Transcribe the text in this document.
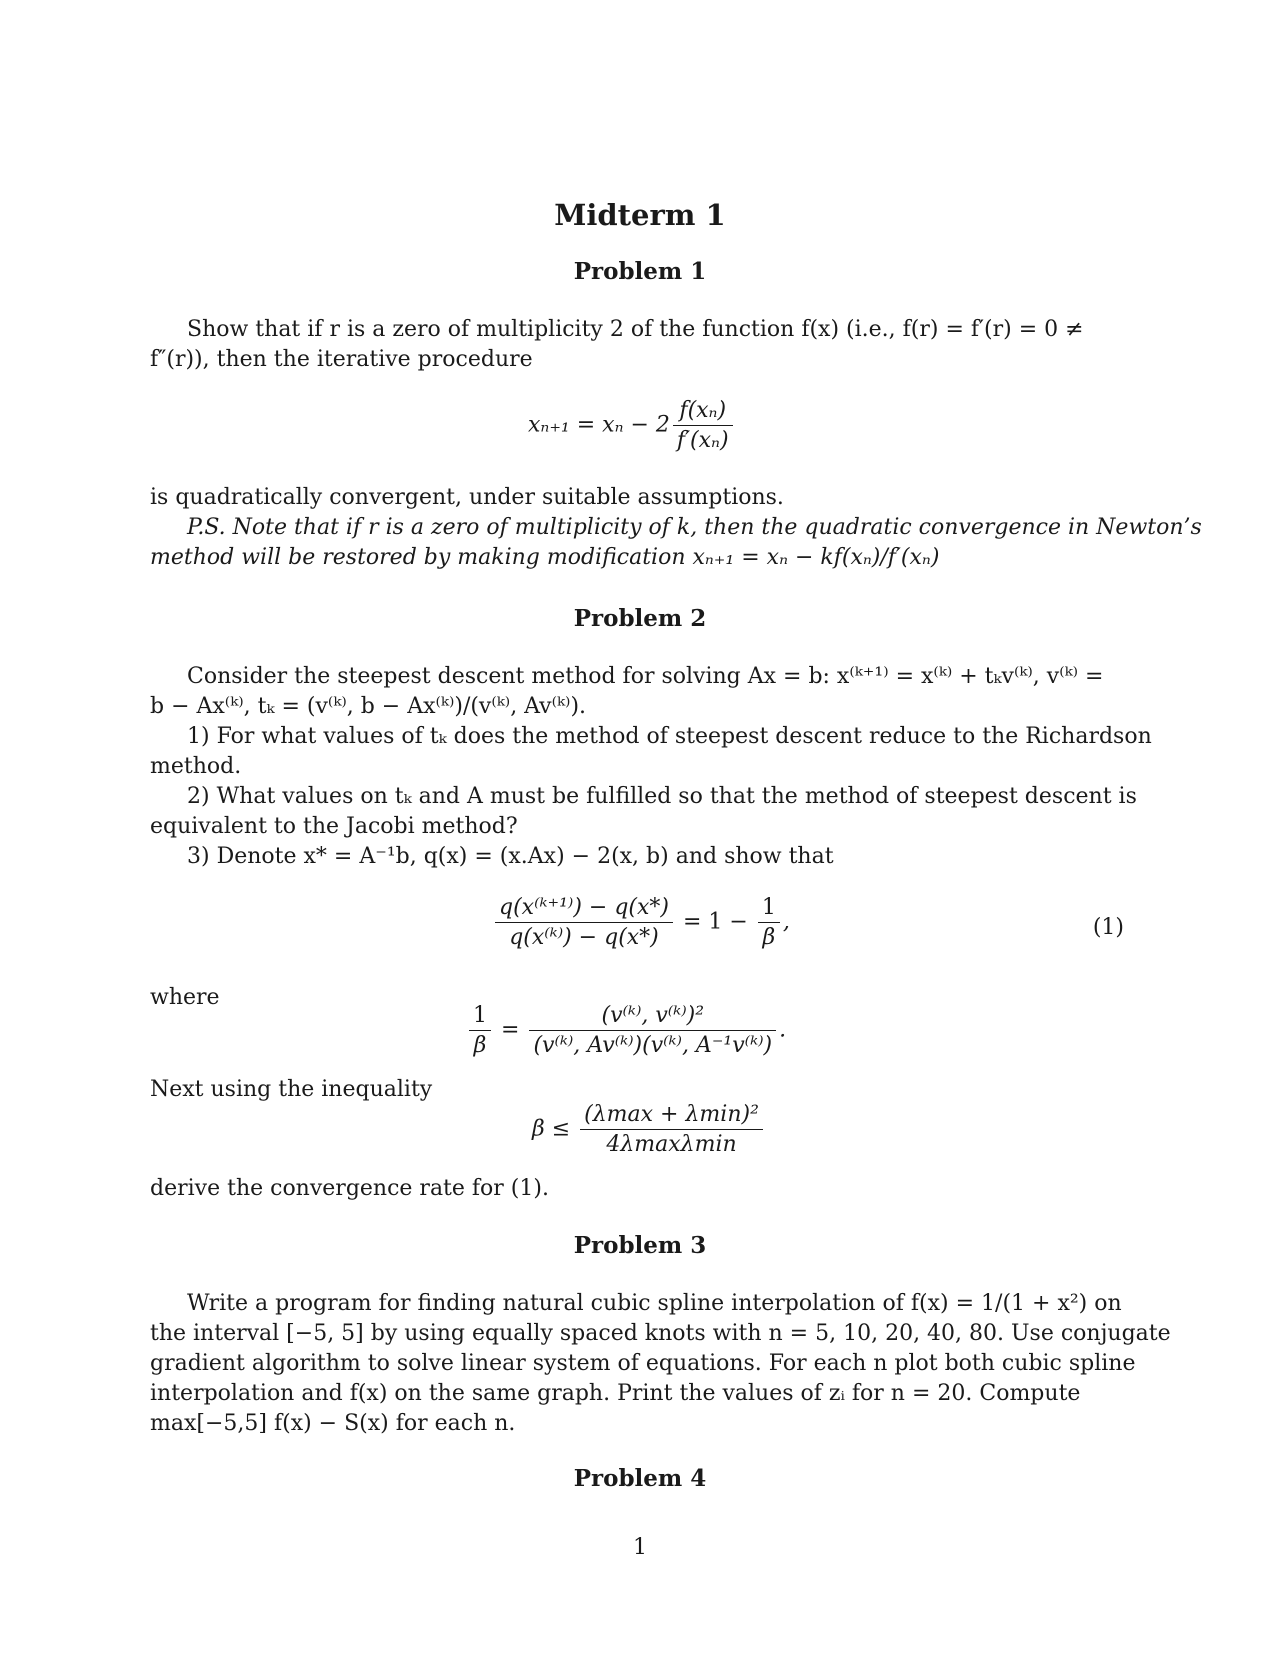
Midterm 1
Problem 1
Show that if r is a zero of multiplicity 2 of the function f(x) (i.e., f(r) = f′(r) = 0 ≠
f″(r)), then the iterative procedure
$x_{n+1} = x_n - 2 \frac{\text{f(xₙ)}}{\text{f′(xₙ)}}$
is quadratically convergent, under suitable assumptions.
P.S. Note that if r is a zero of multiplicity of k, then the quadratic convergence in Newton’s
method will be restored by making modification xₙ₊₁ = xₙ − kf(xₙ)/f′(xₙ)
Problem 2
Consider the steepest descent method for solving Ax = b: x⁽ᵏ⁺¹⁾ = x⁽ᵏ⁾ + tₖv⁽ᵏ⁾, v⁽ᵏ⁾ =
b − Ax⁽ᵏ⁾, tₖ = (v⁽ᵏ⁾, b − Ax⁽ᵏ⁾)/(v⁽ᵏ⁾, Av⁽ᵏ⁾).
1) For what values of tₖ does the method of steepest descent reduce to the Richardson
method.
2) What values on tₖ and A must be fulfilled so that the method of steepest descent is
equivalent to the Jacobi method?
3) Denote x* = A⁻¹b, q(x) = (x.Ax) − 2(x, b) and show that
$\frac{\text{q(x⁽ᵏ⁺¹⁾) − q(x*)}}{\text{q(x⁽ᵏ⁾) − q(x*)}} = 1 - \frac{1}{\beta}$ ,	(1)
where
$\frac{1}{\beta} = \frac{\text{(v⁽ᵏ⁾, v⁽ᵏ⁾)²}}{\text{(v⁽ᵏ⁾, Av⁽ᵏ⁾)(v⁽ᵏ⁾, A⁻¹v⁽ᵏ⁾)}}$ .
Next using the inequality
$\beta \le \frac{\text{(λmax + λmin)²}}{4\lambda\max\lambda\min}$
derive the convergence rate for (1).
Problem 3
Write a program for finding natural cubic spline interpolation of f(x) = 1/(1 + x²) on
the interval [−5, 5] by using equally spaced knots with n = 5, 10, 20, 40, 80. Use conjugate
gradient algorithm to solve linear system of equations. For each n plot both cubic spline
interpolation and f(x) on the same graph. Print the values of zᵢ for n = 20. Compute
max[−5,5] f(x) − S(x) for each n.
Problem 4
1
